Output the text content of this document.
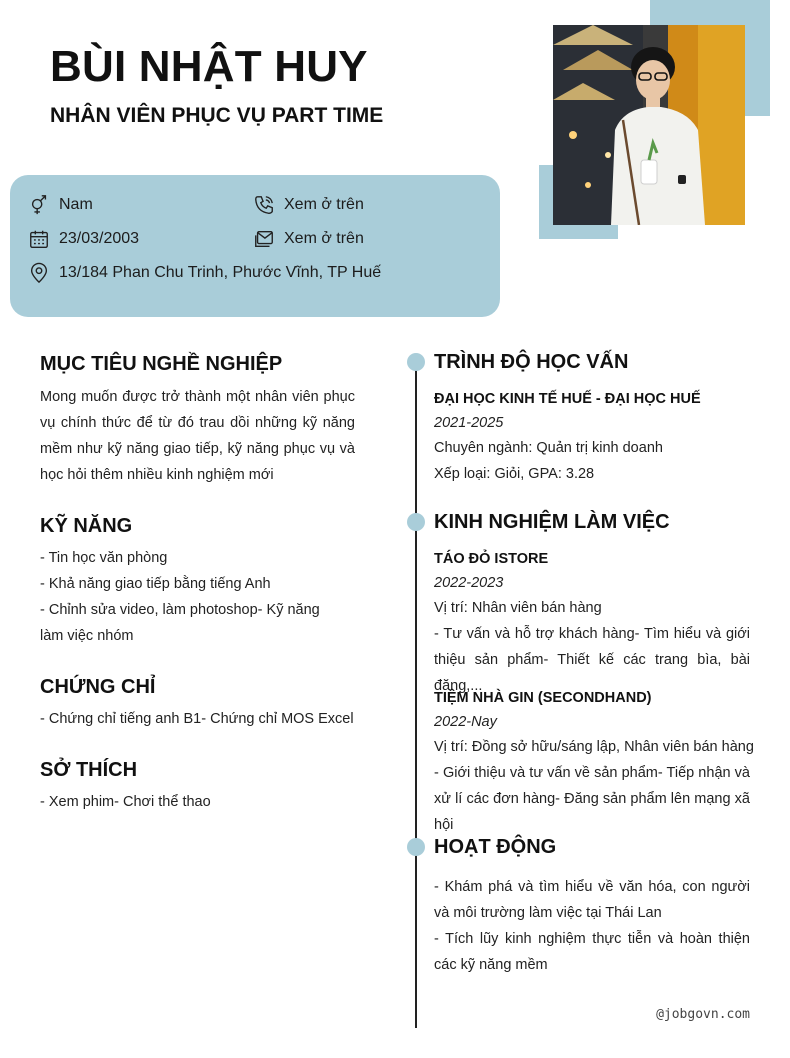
BÙI NHẬT HUY
NHÂN VIÊN PHỤC VỤ PART TIME
Nam	Xem ở trên
23/03/2003	Xem ở trên
13/184 Phan Chu Trinh, Phước Vĩnh, TP Huế
MỤC TIÊU NGHỀ NGHIỆP
Mong muốn được trở thành một nhân viên phục vụ chính thức để từ đó trau dồi những kỹ năng mềm như kỹ năng giao tiếp, kỹ năng phục vụ và học hỏi thêm nhiều kinh nghiệm mới
KỸ NĂNG
- Tin học văn phòng
- Khả năng giao tiếp bằng tiếng Anh
- Chỉnh sửa video, làm photoshop- Kỹ năng làm việc nhóm
CHỨNG CHỈ
- Chứng chỉ tiếng anh B1- Chứng chỉ MOS Excel
SỞ THÍCH
- Xem phim- Chơi thể thao
TRÌNH ĐỘ HỌC VẤN
ĐẠI HỌC KINH TẾ HUẾ - ĐẠI HỌC HUẾ
2021-2025
Chuyên ngành: Quản trị kinh doanh
Xếp loại: Giỏi, GPA: 3.28
KINH NGHIỆM LÀM VIỆC
TÁO ĐỎ ISTORE
2022-2023
Vị trí: Nhân viên bán hàng
- Tư vấn và hỗ trợ khách hàng- Tìm hiểu và giới thiệu sản phẩm- Thiết kế các trang bìa, bài đăng,...
TIỆM NHÀ GIN (SECONDHAND)
2022-Nay
Vị trí: Đồng sở hữu/sáng lập, Nhân viên bán hàng
- Giới thiệu và tư vấn về sản phẩm- Tiếp nhận và xử lí các đơn hàng- Đăng sản phẩm lên mạng xã hội
HOẠT ĐỘNG
- Khám phá và tìm hiểu về văn hóa, con người và môi trường làm việc tại Thái Lan
- Tích lũy kinh nghiệm thực tiễn và hoàn thiện các kỹ năng mềm
@jobgovn.com
